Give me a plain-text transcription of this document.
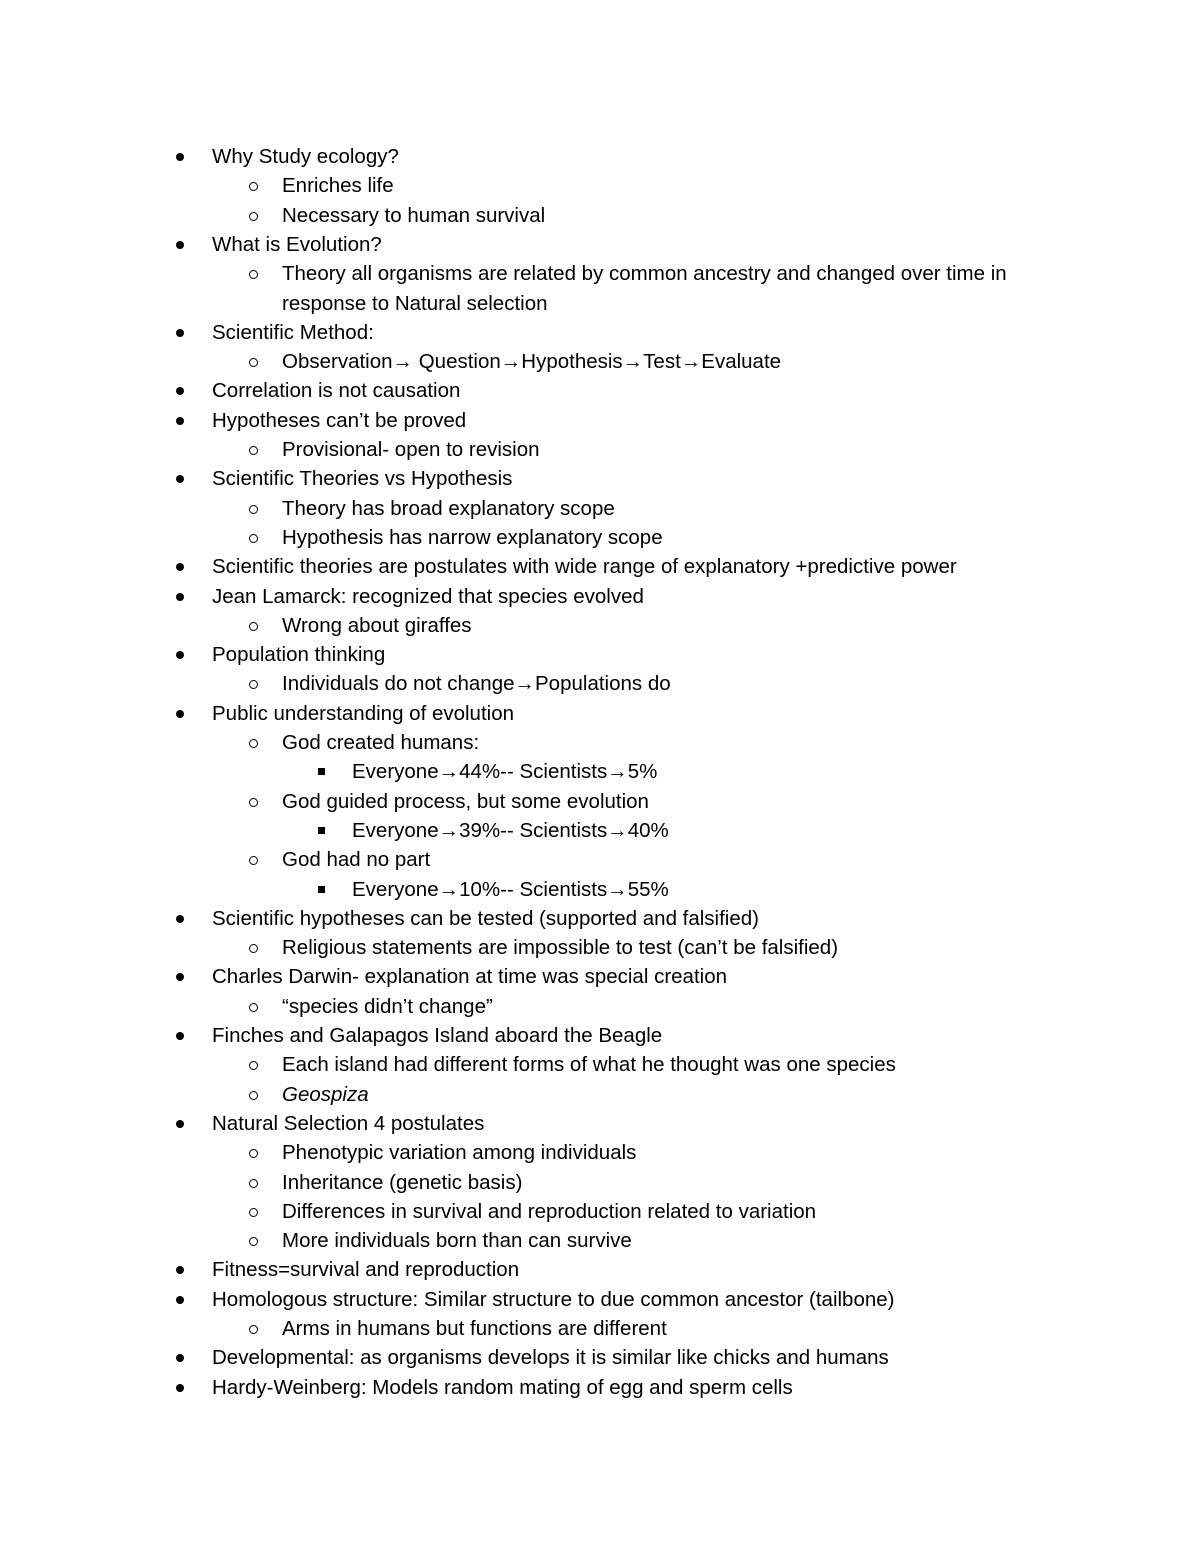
Why Study ecology?
Enriches life
Necessary to human survival
What is Evolution?
Theory all organisms are related by common ancestry and changed over time in
response to Natural selection
Scientific Method:
Observation→ Question→Hypothesis→Test→Evaluate
Correlation is not causation
Hypotheses can’t be proved
Provisional- open to revision
Scientific Theories vs Hypothesis
Theory has broad explanatory scope
Hypothesis has narrow explanatory scope
Scientific theories are postulates with wide range of explanatory +predictive power
Jean Lamarck: recognized that species evolved
Wrong about giraffes
Population thinking
Individuals do not change→Populations do
Public understanding of evolution
God created humans:
Everyone→44%-- Scientists→5%
God guided process, but some evolution
Everyone→39%-- Scientists→40%
God had no part
Everyone→10%-- Scientists→55%
Scientific hypotheses can be tested (supported and falsified)
Religious statements are impossible to test (can’t be falsified)
Charles Darwin- explanation at time was special creation
“species didn’t change”
Finches and Galapagos Island aboard the Beagle
Each island had different forms of what he thought was one species
Geospiza
Natural Selection 4 postulates
Phenotypic variation among individuals
Inheritance (genetic basis)
Differences in survival and reproduction related to variation
More individuals born than can survive
Fitness=survival and reproduction
Homologous structure: Similar structure to due common ancestor (tailbone)
Arms in humans but functions are different
Developmental: as organisms develops it is similar like chicks and humans
Hardy-Weinberg: Models random mating of egg and sperm cells
